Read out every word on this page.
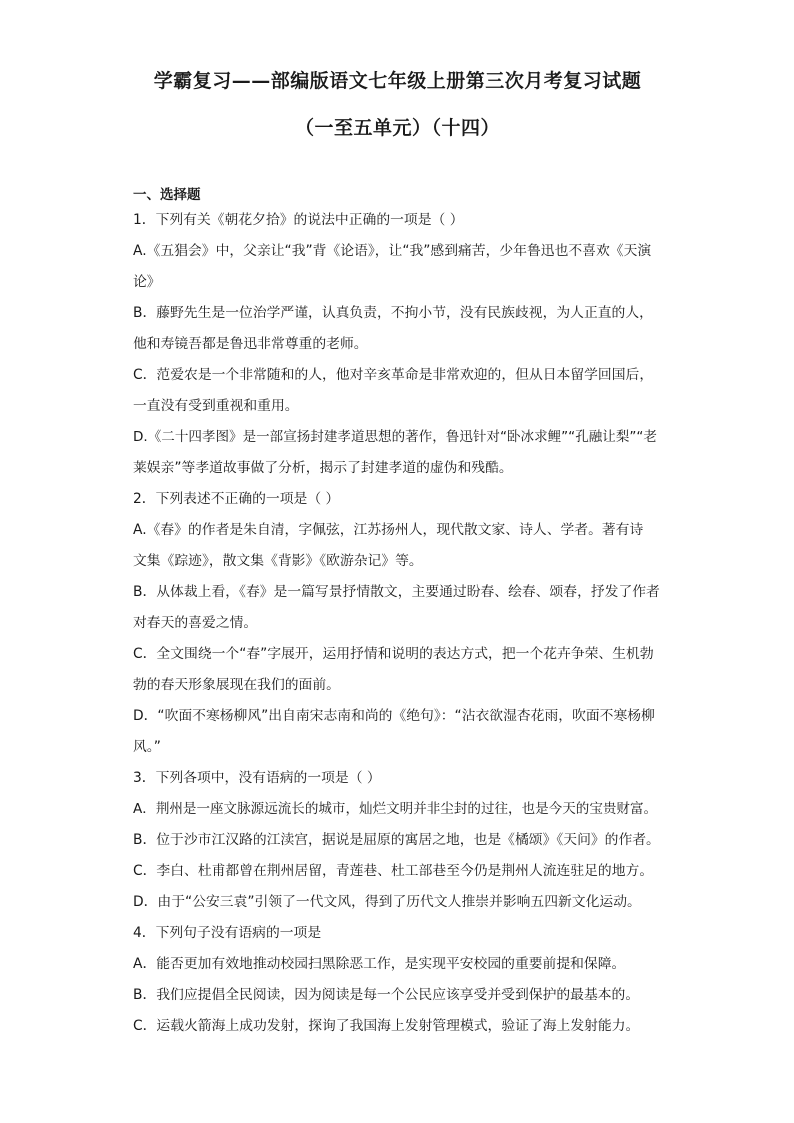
学霸复习——部编版语文七年级上册第三次月考复习试题
（一至五单元）（十四）
一、选择题
1．下列有关《朝花夕拾》的说法中正确的一项是（ ）
A.《五猖会》中，父亲让“我”背《论语》，让“我”感到痛苦，少年鲁迅也不喜欢《天演
论》
B．藤野先生是一位治学严谨，认真负责，不拘小节，没有民族歧视，为人正直的人，
他和寿镜吾都是鲁迅非常尊重的老师。
C．范爱农是一个非常随和的人，他对辛亥革命是非常欢迎的，但从日本留学回国后，
一直没有受到重视和重用。
D.《二十四孝图》是一部宣扬封建孝道思想的著作，鲁迅针对“卧冰求鲤”“孔融让梨”“老
莱娱亲”等孝道故事做了分析，揭示了封建孝道的虚伪和残酷。
2．下列表述不正确的一项是（ ）
A.《春》的作者是朱自清，字佩弦，江苏扬州人，现代散文家、诗人、学者。著有诗
文集《踪迹》，散文集《背影》《欧游杂记》等。
B．从体裁上看，《春》是一篇写景抒情散文，主要通过盼春、绘春、颂春，抒发了作者
对春天的喜爱之情。
C．全文围绕一个“春”字展开，运用抒情和说明的表达方式，把一个花卉争荣、生机勃
勃的春天形象展现在我们的面前。
D．“吹面不寒杨柳风”出自南宋志南和尚的《绝句》：“沾衣欲湿杏花雨，吹面不寒杨柳
风。”
3．下列各项中，没有语病的一项是（ ）
A．荆州是一座文脉源远流长的城市，灿烂文明并非尘封的过往，也是今天的宝贵财富。
B．位于沙市江汉路的江渎宫，据说是屈原的寓居之地，也是《橘颂》《天问》的作者。
C．李白、杜甫都曾在荆州居留，青莲巷、杜工部巷至今仍是荆州人流连驻足的地方。
D．由于“公安三袁”引领了一代文风，得到了历代文人推崇并影响五四新文化运动。
4．下列句子没有语病的一项是
A．能否更加有效地推动校园扫黑除恶工作，是实现平安校园的重要前提和保障。
B．我们应提倡全民阅读，因为阅读是每一个公民应该享受并受到保护的最基本的。
C．运载火箭海上成功发射，探询了我国海上发射管理模式，验证了海上发射能力。
